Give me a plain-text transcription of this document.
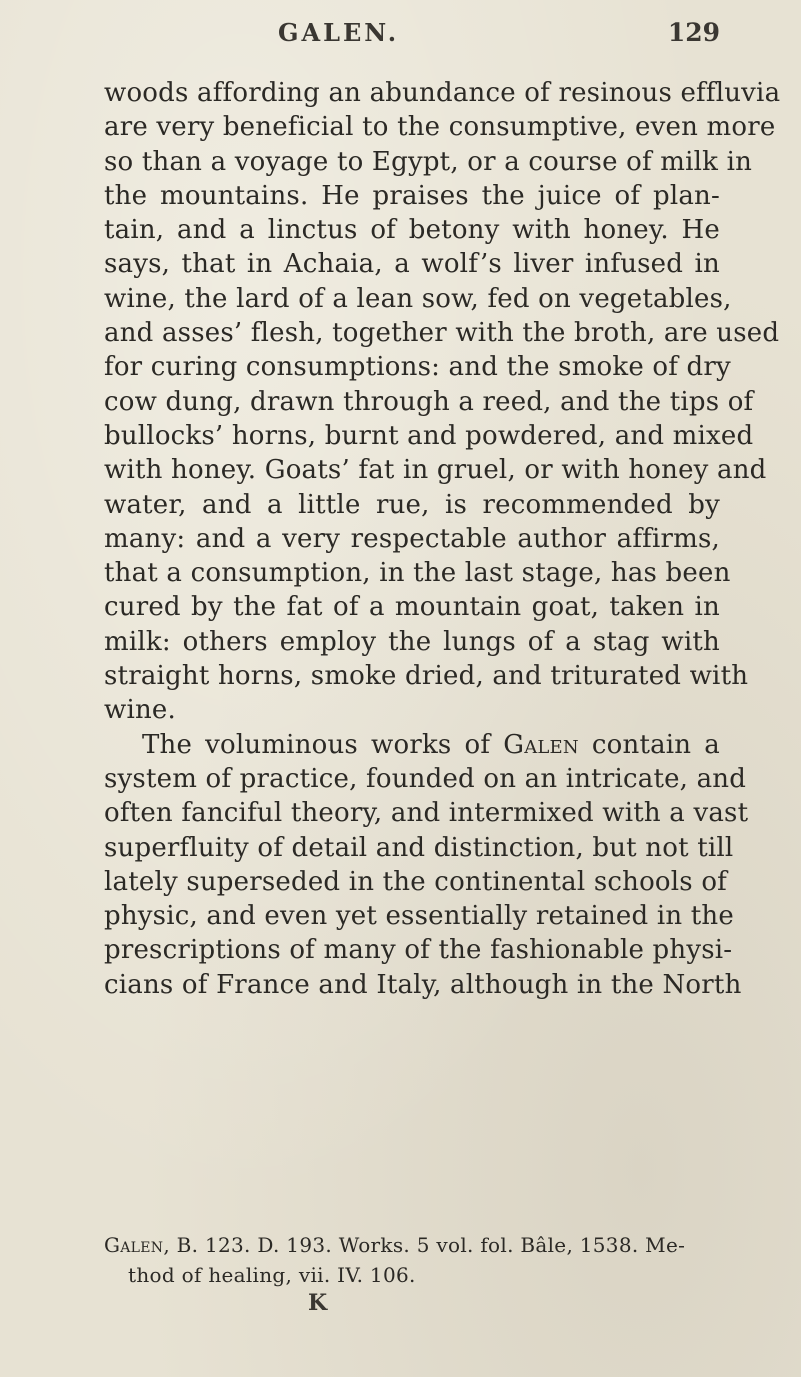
GALEN.	129
woods affording an abundance of resinous effluvia
are very beneficial to the consumptive, even more
so than a voyage to Egypt, or a course of milk in
the mountains. He praises the juice of plan-
tain, and a linctus of betony with honey. He
says, that in Achaia, a wolf’s liver infused in
wine, the lard of a lean sow, fed on vegetables,
and asses’ flesh, together with the broth, are used
for curing consumptions: and the smoke of dry
cow dung, drawn through a reed, and the tips of
bullocks’ horns, burnt and powdered, and mixed
with honey. Goats’ fat in gruel, or with honey and
water, and a little rue, is recommended by
many: and a very respectable author affirms,
that a consumption, in the last stage, has been
cured by the fat of a mountain goat, taken in
milk: others employ the lungs of a stag with
straight horns, smoke dried, and triturated with
wine.
The voluminous works of Galen contain a
system of practice, founded on an intricate, and
often fanciful theory, and intermixed with a vast
superfluity of detail and distinction, but not till
lately superseded in the continental schools of
physic, and even yet essentially retained in the
prescriptions of many of the fashionable physi-
cians of France and Italy, although in the North
Galen, B. 123. D. 193. Works. 5 vol. fol. Bâle, 1538. Me-
thod of healing, vii. IV. 106.
K
